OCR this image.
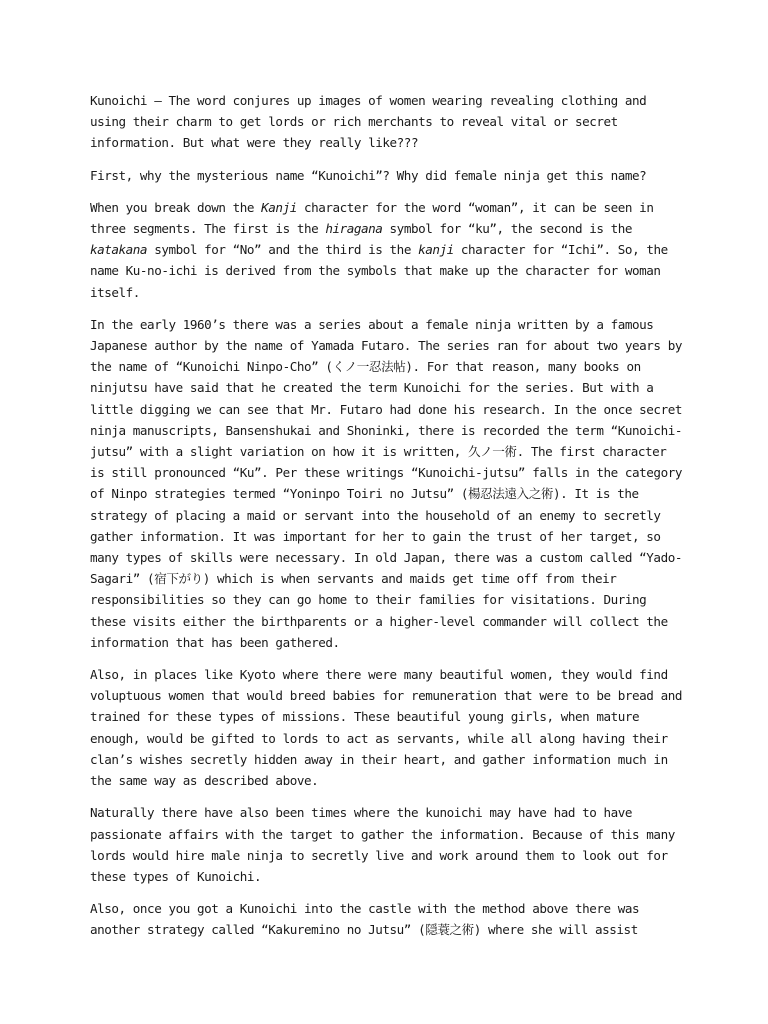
Kunoichi – The word conjures up images of women wearing revealing clothing and using their charm to get lords or rich merchants to reveal vital or secret information. But what were they really like???

First, why the mysterious name “Kunoichi”? Why did female ninja get this name?

When you break down the Kanji character for the word “woman”, it can be seen in three segments. The first is the hiragana symbol for “ku”, the second is the katakana symbol for “No” and the third is the kanji character for “Ichi”. So, the name Ku-no-ichi is derived from the symbols that make up the character for woman itself.

In the early 1960’s there was a series about a female ninja written by a famous Japanese author by the name of Yamada Futaro. The series ran for about two years by the name of “Kunoichi Ninpo-Cho” (くノ一忍法帖). For that reason, many books on ninjutsu have said that he created the term Kunoichi for the series. But with a little digging we can see that Mr. Futaro had done his research. In the once secret ninja manuscripts, Bansenshukai and Shoninki, there is recorded the term “Kunoichi-jutsu” with a slight variation on how it is written, 久ノ一術. The first character is still pronounced “Ku”. Per these writings “Kunoichi-jutsu” falls in the category of Ninpo strategies termed “Yoninpo Toiri no Jutsu” (楊忍法遠入之術). It is the strategy of placing a maid or servant into the household of an enemy to secretly gather information. It was important for her to gain the trust of her target, so many types of skills were necessary. In old Japan, there was a custom called “Yado-Sagari” (宿下がり) which is when servants and maids get time off from their responsibilities so they can go home to their families for visitations. During these visits either the birthparents or a higher-level commander will collect the information that has been gathered.

Also, in places like Kyoto where there were many beautiful women, they would find voluptuous women that would breed babies for remuneration that were to be bread and trained for these types of missions. These beautiful young girls, when mature enough, would be gifted to lords to act as servants, while all along having their clan’s wishes secretly hidden away in their heart, and gather information much in the same way as described above.

Naturally there have also been times where the kunoichi may have had to have passionate affairs with the target to gather the information. Because of this many lords would hire male ninja to secretly live and work around them to look out for these types of Kunoichi.

Also, once you got a Kunoichi into the castle with the method above there was another strategy called “Kakureminо no Jutsu” (隠蓑之術) where she will assist
